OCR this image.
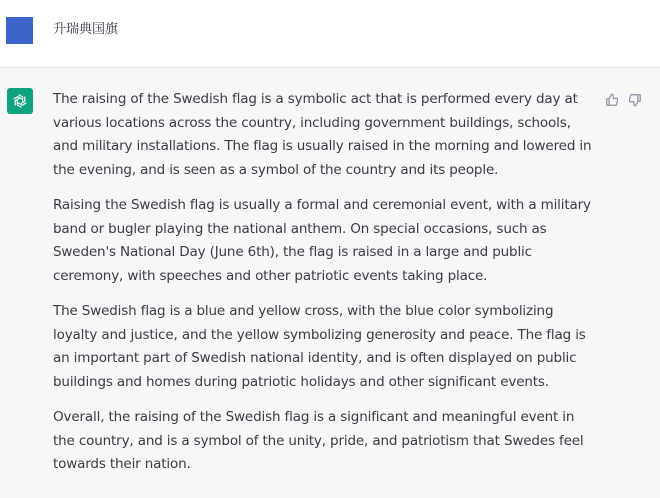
升瑞典国旗

The raising of the Swedish flag is a symbolic act that is performed every day at various locations across the country, including government buildings, schools, and military installations. The flag is usually raised in the morning and lowered in the evening, and is seen as a symbol of the country and its people.

Raising the Swedish flag is usually a formal and ceremonial event, with a military band or bugler playing the national anthem. On special occasions, such as Sweden's National Day (June 6th), the flag is raised in a large and public ceremony, with speeches and other patriotic events taking place.

The Swedish flag is a blue and yellow cross, with the blue color symbolizing loyalty and justice, and the yellow symbolizing generosity and peace. The flag is an important part of Swedish national identity, and is often displayed on public buildings and homes during patriotic holidays and other significant events.

Overall, the raising of the Swedish flag is a significant and meaningful event in the country, and is a symbol of the unity, pride, and patriotism that Swedes feel towards their nation.
